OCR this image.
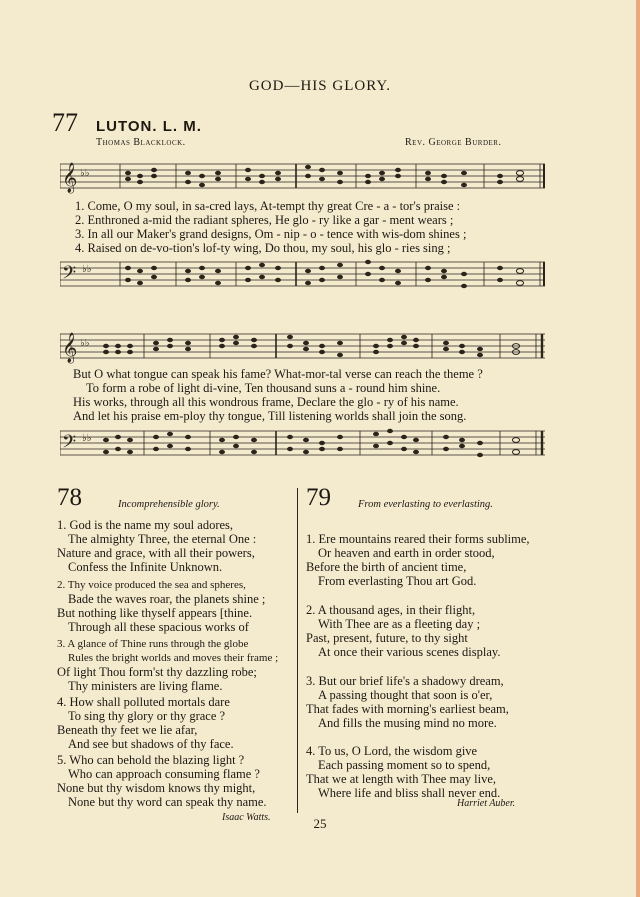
GOD—HIS GLORY.
77 LUTON. L. M.
Thomas Blacklock.	Rev. George Burder.
𝄞 ♭♭
1. Come, O my soul, in sa-cred lays, At-tempt thy great Cre - a - tor's praise :
2. Enthroned a-mid the radiant spheres, He glo - ry like a gar - ment wears ;
3. In all our Maker's grand designs, Om - nip - o - tence with wis-dom shines ;
4. Raised on de-vo-tion's lof-ty wing, Do thou, my soul, his glo - ries sing ;
𝄢 ♭♭
𝄞 ♭♭
But O what tongue can speak his fame? What-mor-tal verse can reach the theme ?
To form a robe of light di-vine, Ten thousand suns a - round him shine.
His works, through all this wondrous frame, Declare the glo - ry of his name.
And let his praise em-ploy thy tongue, Till listening worlds shall join the song.
𝄢 ♭♭
78	Incomprehensible glory.
1. God is the name my soul adores,
The almighty Three, the eternal One :
Nature and grace, with all their powers,
Confess the Infinite Unknown.
2. Thy voice produced the sea and spheres,
Bade the waves roar, the planets shine ;
But nothing like thyself appears [thine.
Through all these spacious works of
3. A glance of Thine runs through the globe
Rules the bright worlds and moves their frame ;
Of light Thou form'st thy dazzling robe;
Thy ministers are living flame.
4. How shall polluted mortals dare
To sing thy glory or thy grace ?
Beneath thy feet we lie afar,
And see but shadows of thy face.
5. Who can behold the blazing light ?
Who can approach consuming flame ?
None but thy wisdom knows thy might,
None but thy word can speak thy name.
Isaac Watts.
79	From everlasting to everlasting.
1. Ere mountains reared their forms sublime,
Or heaven and earth in order stood,
Before the birth of ancient time,
From everlasting Thou art God.
2. A thousand ages, in their flight,
With Thee are as a fleeting day ;
Past, present, future, to thy sight
At once their various scenes display.
3. But our brief life's a shadowy dream,
A passing thought that soon is o'er,
That fades with morning's earliest beam,
And fills the musing mind no more.
4. To us, O Lord, the wisdom give
Each passing moment so to spend,
That we at length with Thee may live,
Where life and bliss shall never end.
Harriet Auber.
25
